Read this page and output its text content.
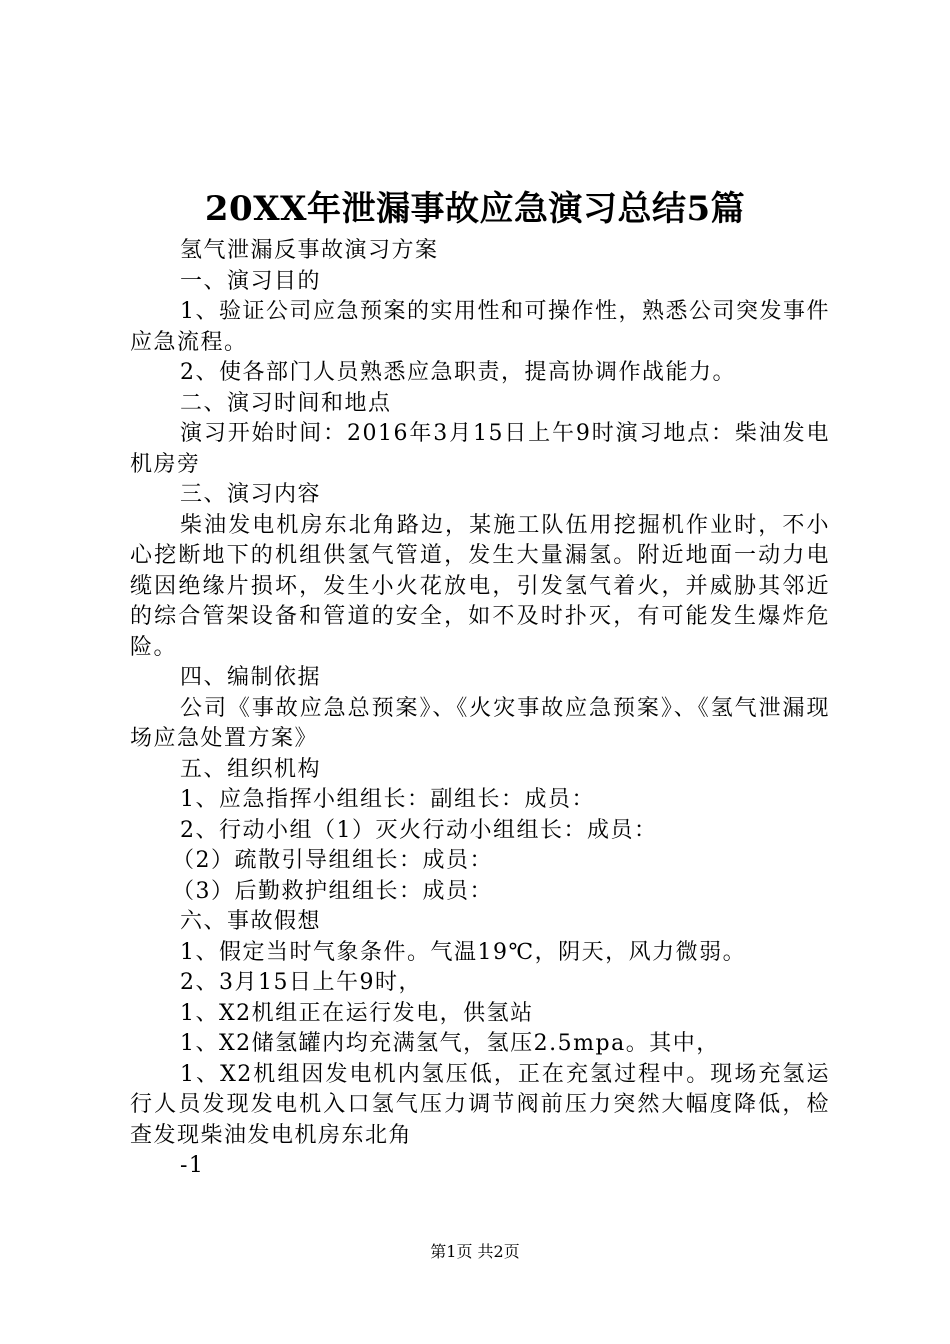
20XX年泄漏事故应急演习总结5篇

氢气泄漏反事故演习方案

一、演习目的

1、验证公司应急预案的实用性和可操作性，熟悉公司突发事件应急流程。

2、使各部门人员熟悉应急职责，提高协调作战能力。

二、演习时间和地点

演习开始时间：2016年3月15日上午9时演习地点：柴油发电机房旁

三、演习内容

柴油发电机房东北角路边，某施工队伍用挖掘机作业时，不小心挖断地下的机组供氢气管道，发生大量漏氢。附近地面一动力电缆因绝缘片损坏，发生小火花放电，引发氢气着火，并威胁其邻近的综合管架设备和管道的安全，如不及时扑灭，有可能发生爆炸危险。

四、编制依据

公司《事故应急总预案》、《火灾事故应急预案》、《氢气泄漏现场应急处置方案》

五、组织机构

1、应急指挥小组组长：副组长：成员：

2、行动小组（1）灭火行动小组组长：成员：

（2）疏散引导组组长：成员：

（3）后勤救护组组长：成员：

六、事故假想

1、假定当时气象条件。气温19℃，阴天，风力微弱。

2、3月15日上午9时，

1、X2机组正在运行发电，供氢站

1、X2储氢罐内均充满氢气，氢压2.5mpa。其中，

1、X2机组因发电机内氢压低，正在充氢过程中。现场充氢运行人员发现发电机入口氢气压力调节阀前压力突然大幅度降低，检查发现柴油发电机房东北角

-1

第1页 共2页
